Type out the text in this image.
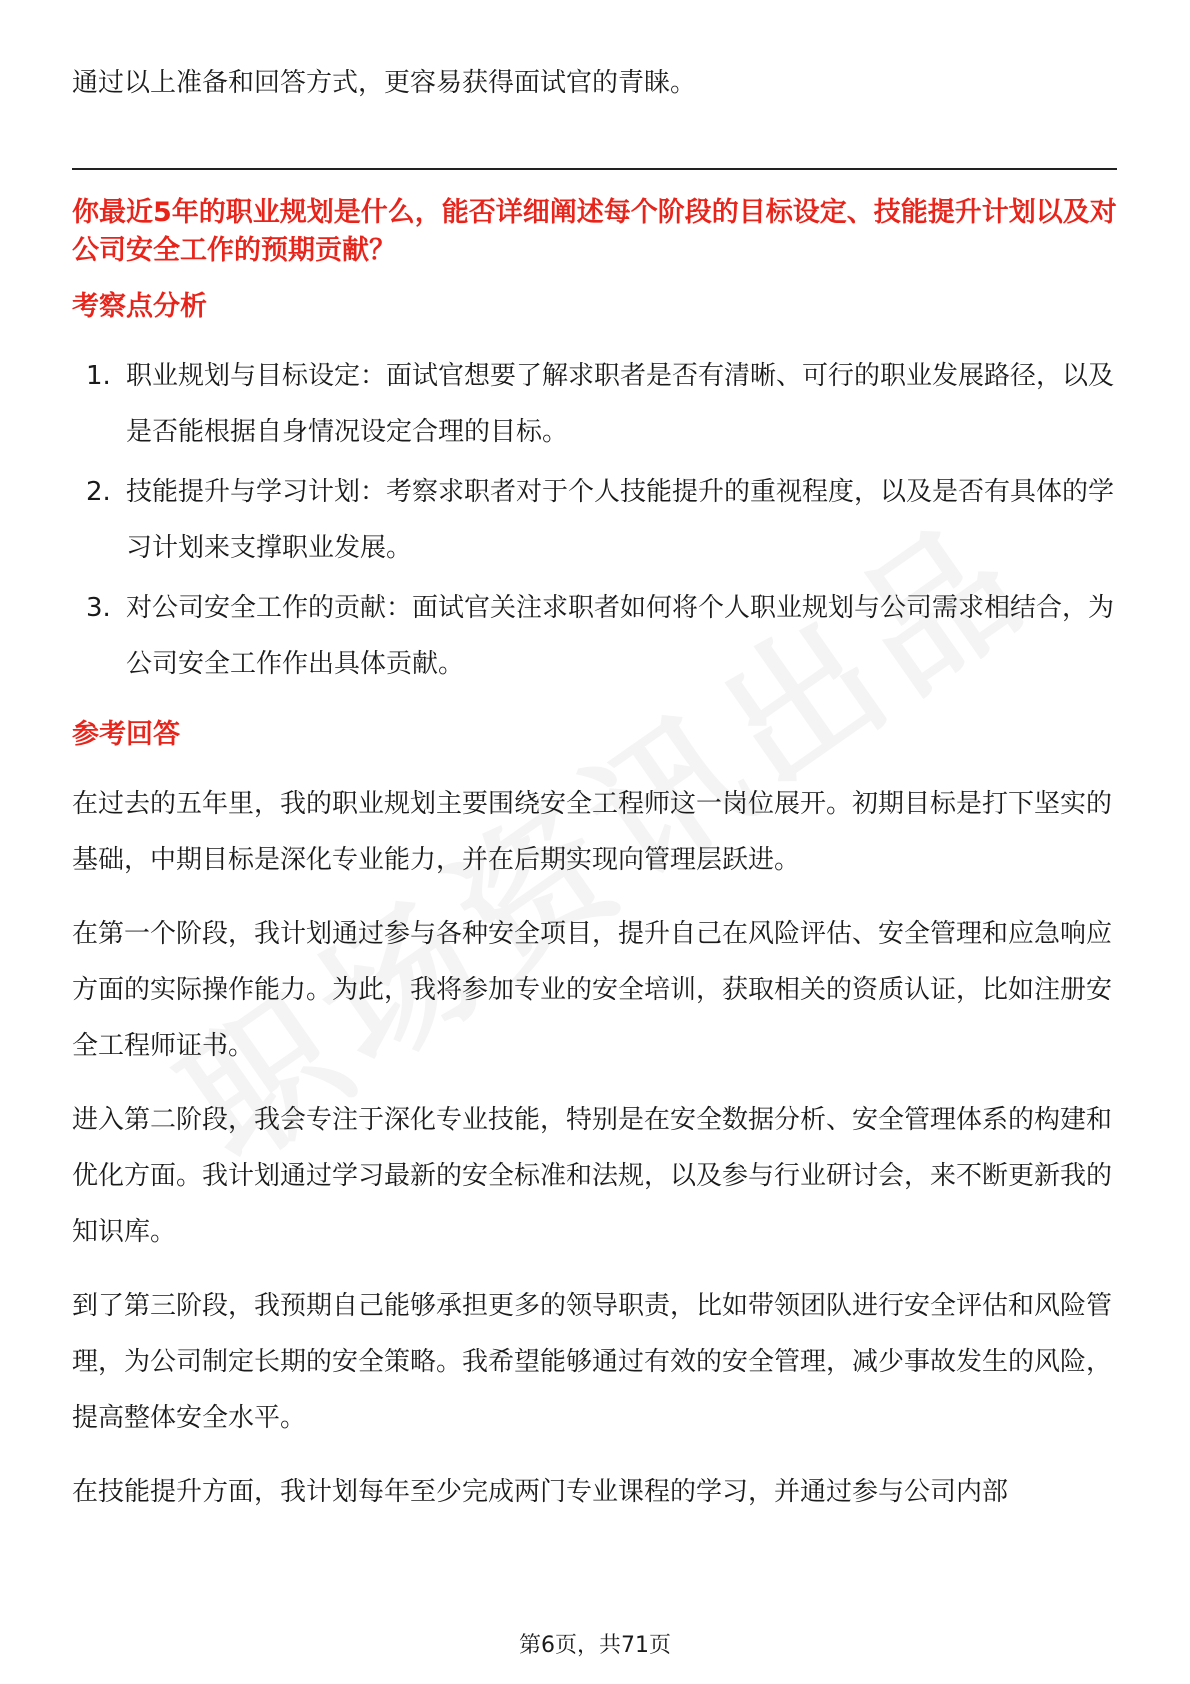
通过以上准备和回答方式，更容易获得面试官的青睐。

你最近5年的职业规划是什么，能否详细阐述每个阶段的目标设定、技能提升计划以及对公司安全工作的预期贡献？
考察点分析
1. 职业规划与目标设定：面试官想要了解求职者是否有清晰、可行的职业发展路径，以及是否能根据自身情况设定合理的目标。
2. 技能提升与学习计划：考察求职者对于个人技能提升的重视程度，以及是否有具体的学习计划来支撑职业发展。
3. 对公司安全工作的贡献：面试官关注求职者如何将个人职业规划与公司需求相结合，为公司安全工作作出具体贡献。
参考回答

在过去的五年里，我的职业规划主要围绕安全工程师这一岗位展开。初期目标是打下坚实的基础，中期目标是深化专业能力，并在后期实现向管理层跃进。

在第一个阶段，我计划通过参与各种安全项目，提升自己在风险评估、安全管理和应急响应方面的实际操作能力。为此，我将参加专业的安全培训，获取相关的资质认证，比如注册安全工程师证书。

进入第二阶段，我会专注于深化专业技能，特别是在安全数据分析、安全管理体系的构建和优化方面。我计划通过学习最新的安全标准和法规，以及参与行业研讨会，来不断更新我的知识库。

到了第三阶段，我预期自己能够承担更多的领导职责，比如带领团队进行安全评估和风险管理，为公司制定长期的安全策略。我希望能够通过有效的安全管理，减少事故发生的风险，提高整体安全水平。

在技能提升方面，我计划每年至少完成两门专业课程的学习，并通过参与公司内部

第6页，共71页
